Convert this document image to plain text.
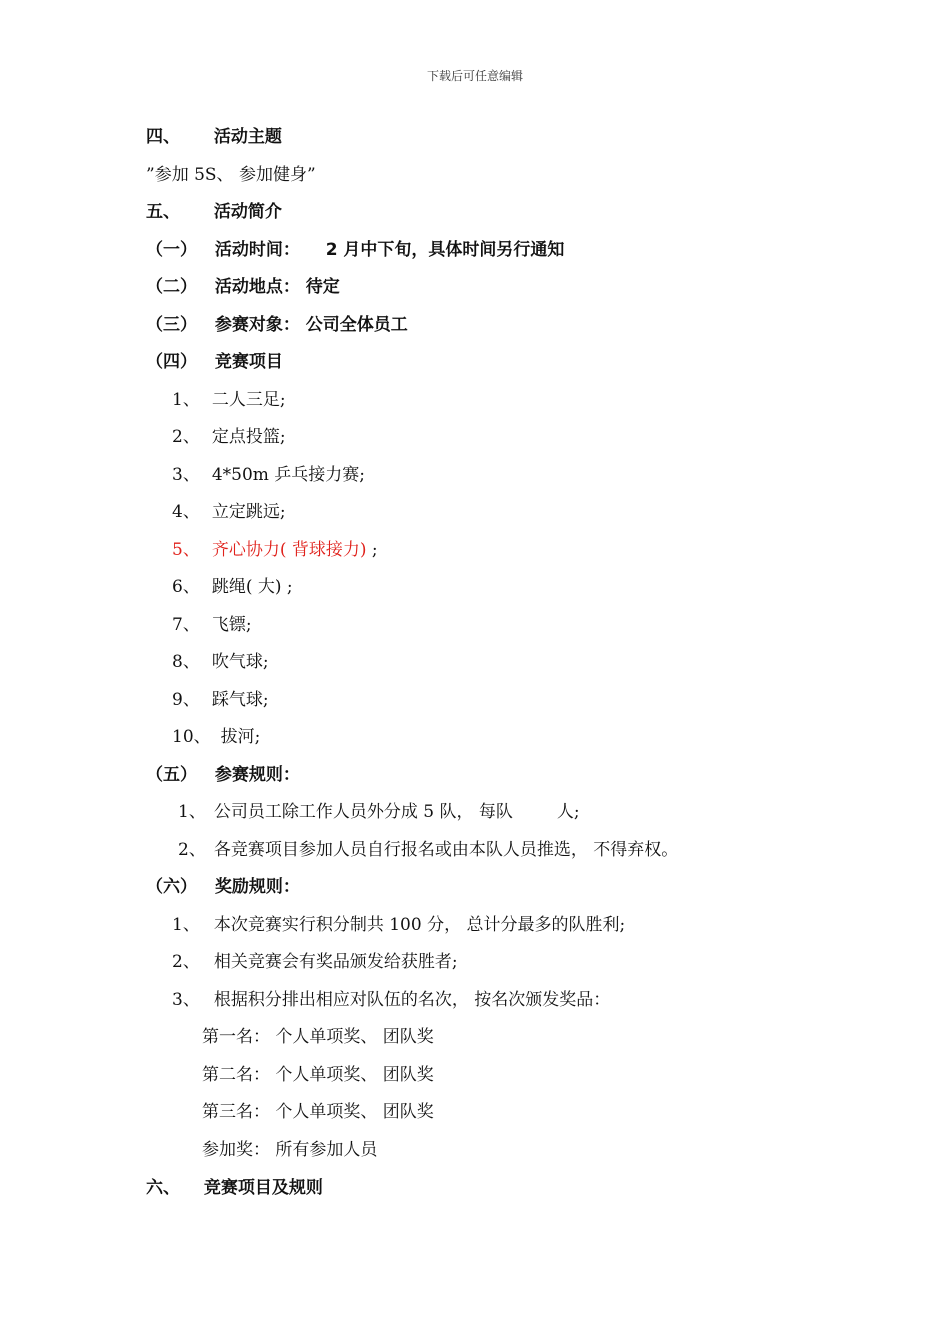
下载后可任意编辑
四、 活动主题
”参加 5S、 参加健身”
五、 活动简介
（一） 活动时间： 2 月中下旬，具体时间另行通知
（二） 活动地点： 待定
（三） 参赛对象： 公司全体员工
（四） 竞赛项目
1、 二人三足;
2、 定点投篮;
3、 4*50m 乒乓接力赛;
4、 立定跳远;
5、 齐心协力( 背球接力) ;
6、 跳绳( 大) ;
7、 飞镖;
8、 吹气球;
9、 踩气球;
10、 拔河;
（五） 参赛规则：
1、 公司员工除工作人员外分成 5 队， 每队	人;
2、 各竞赛项目参加人员自行报名或由本队人员推选， 不得弃权。
（六） 奖励规则：
1、 本次竞赛实行积分制共 100 分， 总计分最多的队胜利;
2、 相关竞赛会有奖品颁发给获胜者;
3、 根据积分排出相应对队伍的名次， 按名次颁发奖品：
第一名： 个人单项奖、 团队奖
第二名： 个人单项奖、 团队奖
第三名： 个人单项奖、 团队奖
参加奖： 所有参加人员
六、 竞赛项目及规则
